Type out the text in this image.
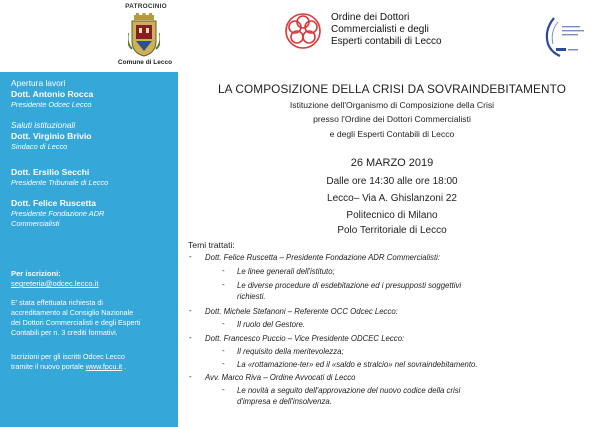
PATROCINIO
Comune di Lecco
Ordine dei Dottori
Commercialisti e degli
Esperti contabili di Lecco
Apertura lavori
Dott. Antonio Rocca
Presidente Odcec Lecco
Saluti istituzionali
Dott. Virginio Brivio
Sindaco di Lecco
Dott. Ersilio Secchi
Presidente Tribunale di Lecco
Dott. Felice Ruscetta
Presidente Fondazione ADR
Commercialisti
Per iscrizioni:
segreteria@odcec.lecco.it
E' stata effettuata richiesta di
accreditamento al Consiglio Nazionale
dei Dottori Commercialisti e degli Esperti
Contabili per n. 3 crediti formativi.
Iscrizioni per gli iscritti Odcec Lecco
tramite il nuovo portale www.fpcu.it .
LA COMPOSIZIONE DELLA CRISI DA SOVRAINDEBITAMENTO
Istituzione dell'Organismo di Composizione della Crisi
presso l'Ordine dei Dottori Commercialisti
e degli Esperti Contabili di Lecco
26 MARZO 2019
Dalle ore 14:30 alle ore 18:00
Lecco– Via A. Ghislanzoni 22
Politecnico di Milano
Polo Territoriale di Lecco
Temi trattati:
- Dott. Felice Ruscetta – Presidente Fondazione ADR Commercialisti:
- Le linee generali dell'istituto;
- Le diverse procedure di esdebitazione ed i presupposti soggettivi
richiesti.
- Dott. Michele Stefanoni – Referente OCC Odcec Lecco:
- Il ruolo del Gestore.
- Dott. Francesco Puccio – Vice Presidente ODCEC Lecco:
- Il requisito della meritevolezza;
- La «rottamazione-ter» ed il «saldo e stralcio» nel sovraindebitamento.
- Avv. Marco Riva – Ordine Avvocati di Lecco
- Le novità a seguito dell'approvazione del nuovo codice della crisi
d'impresa e dell'insolvenza.
